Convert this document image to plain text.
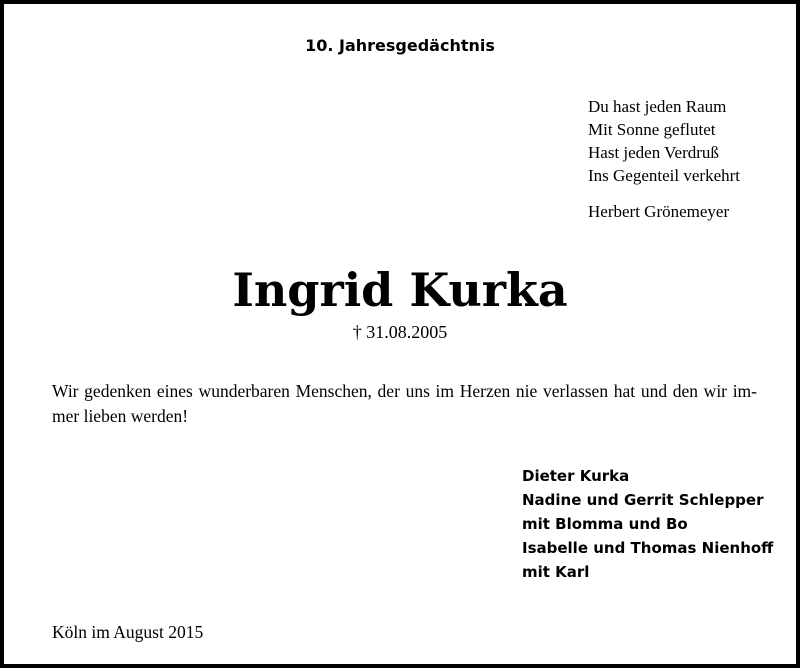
10. Jahresgedächtnis
Du hast jeden Raum
Mit Sonne geflutet
Hast jeden Verdruß
Ins Gegenteil verkehrt
Herbert Grönemeyer
Ingrid Kurka
† 31.08.2005
Wir gedenken eines wunderbaren Menschen, der uns im Herzen nie verlassen hat und den wir im-
mer lieben werden!
Dieter Kurka
Nadine und Gerrit Schlepper
mit Blomma und Bo
Isabelle und Thomas Nienhoff
mit Karl
Köln im August 2015
